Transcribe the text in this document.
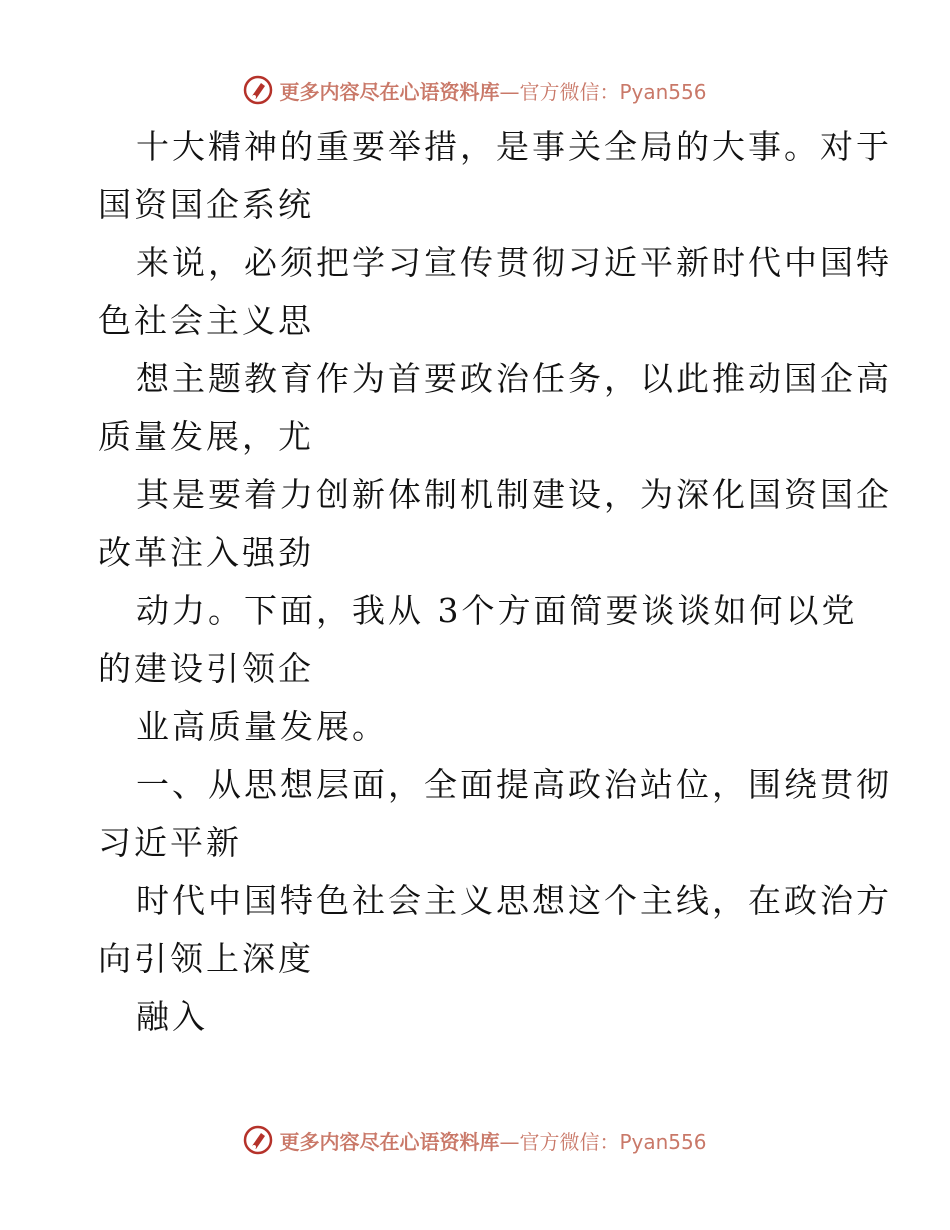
更多内容尽在心语资料库 —官方微信：Pyan556
十大精神的重要举措，是事关全局的大事。对于
国资国企系统
来说，必须把学习宣传贯彻习近平新时代中国特
色社会主义思
想主题教育作为首要政治任务，以此推动国企高
质量发展，尤
其是要着力创新体制机制建设，为深化国资国企
改革注入强劲
动力。下面，我从 3个方面简要谈谈如何以党
的建设引领企
业高质量发展。
一、从思想层面，全面提高政治站位，围绕贯彻
习近平新
时代中国特色社会主义思想这个主线，在政治方
向引领上深度
融入
更多内容尽在心语资料库 —官方微信：Pyan556
